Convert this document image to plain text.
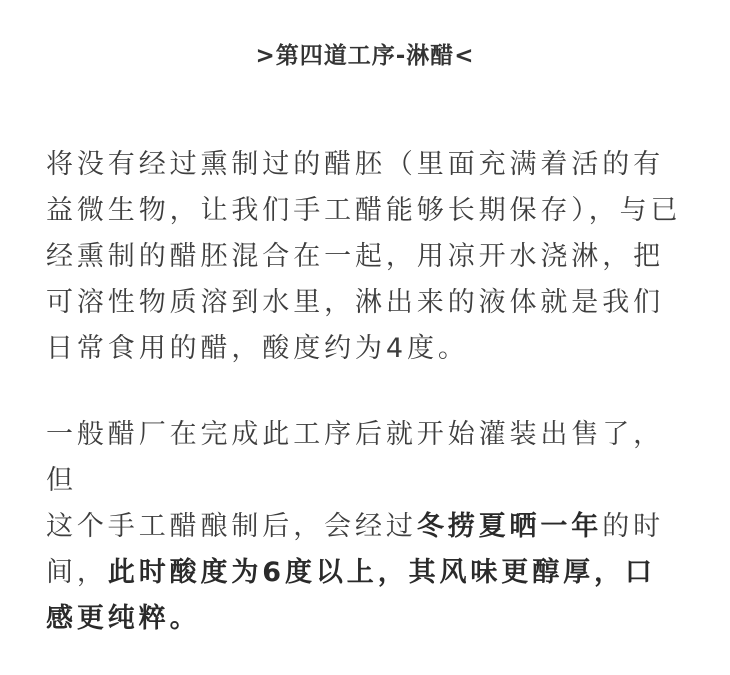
>第四道工序-淋醋<

将没有经过熏制过的醋胚（里面充满着活的有益微生物，让我们手工醋能够长期保存），与已经熏制的醋胚混合在一起，用凉开水浇淋，把可溶性物质溶到水里，淋出来的液体就是我们日常食用的醋，酸度约为4度。

一般醋厂在完成此工序后就开始灌装出售了，但

这个手工醋酿制后，会经过冬捞夏晒一年的时间，此时酸度为6度以上，其风味更醇厚，口感更纯粹。
